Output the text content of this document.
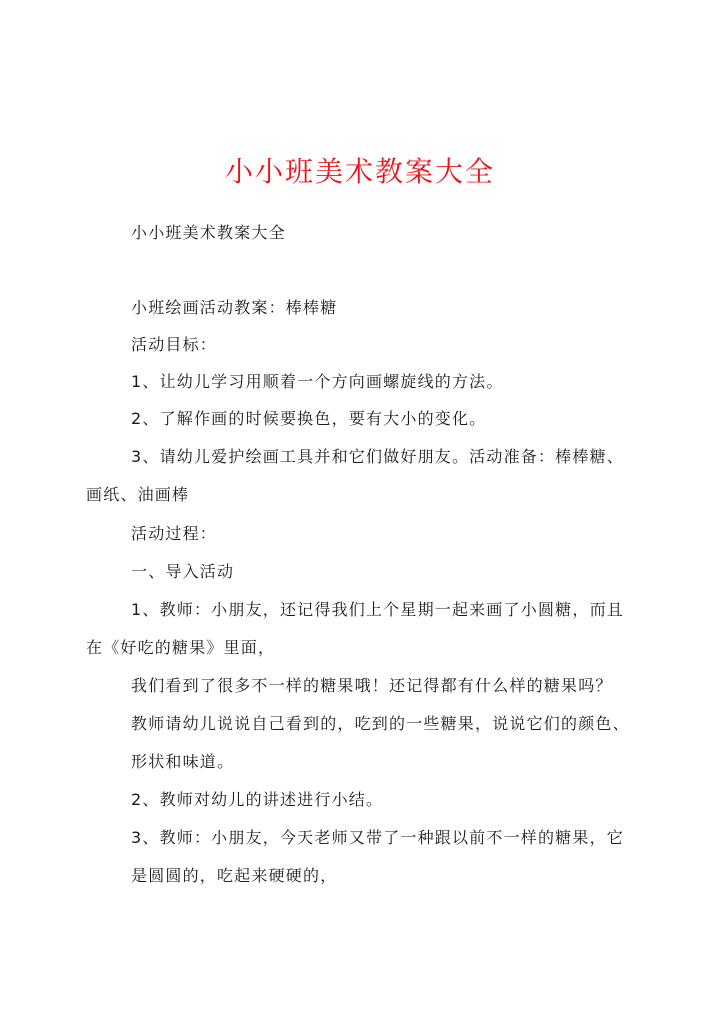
小小班美术教案大全

小小班美术教案大全

小班绘画活动教案：棒棒糖

活动目标：

1、让幼儿学习用顺着一个方向画螺旋线的方法。

2、了解作画的时候要换色，要有大小的变化。

3、请幼儿爱护绘画工具并和它们做好朋友。活动准备：棒棒糖、画纸、油画棒

活动过程：

一、导入活动

1、教师：小朋友，还记得我们上个星期一起来画了小圆糖，而且在《好吃的糖果》里面，

我们看到了很多不一样的糖果哦！还记得都有什么样的糖果吗？

教师请幼儿说说自己看到的，吃到的一些糖果，说说它们的颜色、

形状和味道。

2、教师对幼儿的讲述进行小结。

3、教师：小朋友，今天老师又带了一种跟以前不一样的糖果，它

是圆圆的，吃起来硬硬的，
